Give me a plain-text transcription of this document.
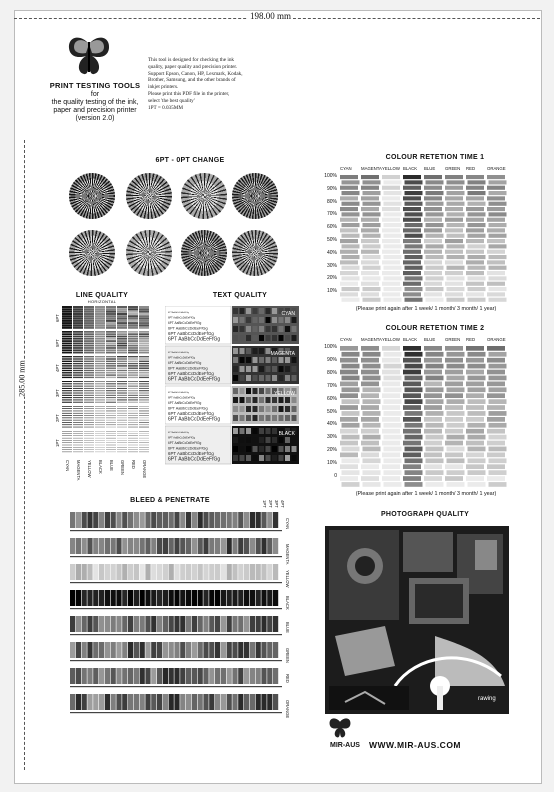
198.00 mm
285.00 mm
PRINT TESTING TOOLS
for
the quality testing of the ink,
paper and precision printer
(version 2.0)
This tool is designed for checking the ink
quality, paper quality and precision printer.
Support Epson, Canon, HP, Lexmark, Kodak,
Brother, Samsung, and the other brands of
inkjet printers.
Please print this PDF file in the printer,
select 'the best quality'
1PT = 0.035MM
6PT - 0PT CHANGE
LINE QUALITY
HORIZONTAL
6PT
5PT
4PT
3PT
2PT
1PT
CYAN MAGENTA YELLOW BLACK BLUE GREEN RED ORANGE
TEXT QUALITY
6PT AaBbCcDdEeFfGg
6PT AaBbCcDdEeFfGg
6PT AaBbCcDdEeFfGg
6PT AaBbCcDdEeFfGg
6PT AaBbCcDdEeFfGg
6PT AaBbCcDdEeFfGg
CYAN
6PT AaBbCcDdEeFfGg
6PT AaBbCcDdEeFfGg
6PT AaBbCcDdEeFfGg
6PT AaBbCcDdEeFfGg
6PT AaBbCcDdEeFfGg
6PT AaBbCcDdEeFfGg
MAGENTA
6PT AaBbCcDdEeFfGg
6PT AaBbCcDdEeFfGg
6PT AaBbCcDdEeFfGg
6PT AaBbCcDdEeFfGg
6PT AaBbCcDdEeFfGg
6PT AaBbCcDdEeFfGg
YELLOW
6PT AaBbCcDdEeFfGg
6PT AaBbCcDdEeFfGg
6PT AaBbCcDdEeFfGg
6PT AaBbCcDdEeFfGg
6PT AaBbCcDdEeFfGg
6PT AaBbCcDdEeFfGg
BLACK
COLOUR RETETION TIME 1
CYAN MAGENTA YELLOW BLACK BLUE GREEN RED	ORANGE
100%
90%
80%
70%
60%
50%
40%
30%
20%
10%
(Please print again after 1 week/ 1 month/ 3 month/ 1 year)
COLOUR RETETION TIME 2
CYAN MAGENTA YELLOW BLACK BLUE GREEN RED	ORANGE
100%
90%
80%
70%
60%
50%
40%
30%
20%
10%
0
(Please print again after 1 week/ 1 month/ 3 month/ 1 year)
BLEED & PENETRATE	4PT
3PT
2PT
1PT
CYAN
MAGENTA
YELLOW
BLACK
BLUE
GREEN
RED
ORANGE
PHOTOGRAPH QUALITY
rawing
MIR-AUS WWW.MIR-AUS.COM
